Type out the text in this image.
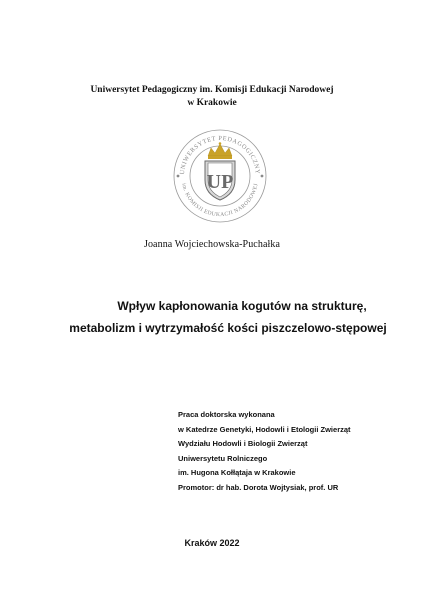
Uniwersytet Pedagogiczny im. Komisji Edukacji Narodowej
w Krakowie
UNIWERSYTET PEDAGOGICZNY
im. KOMISJI EDUKACJI NARODOWEJ
UP
Joanna Wojciechowska-Puchałka
Wpływ kapłonowania kogutów na strukturę,
metabolizm i wytrzymałość kości piszczelowo-stępowej
Praca doktorska wykonana
w Katedrze Genetyki, Hodowli i Etologii Zwierząt
Wydziału Hodowli i Biologii Zwierząt
Uniwersytetu Rolniczego
im. Hugona Kołłątaja w Krakowie
Promotor: dr hab. Dorota Wojtysiak, prof. UR
Kraków 2022
